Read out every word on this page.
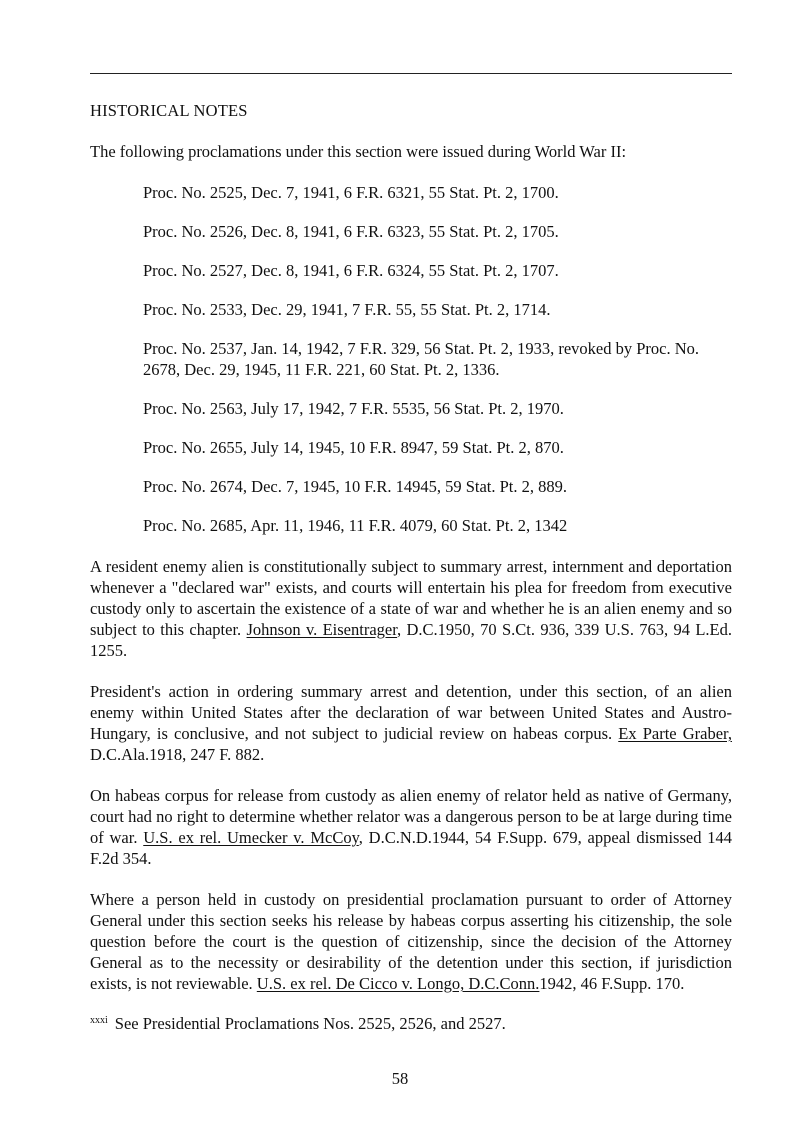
HISTORICAL NOTES

The following proclamations under this section were issued during World War II:

Proc. No. 2525, Dec. 7, 1941, 6 F.R. 6321, 55 Stat. Pt. 2, 1700.
Proc. No. 2526, Dec. 8, 1941, 6 F.R. 6323, 55 Stat. Pt. 2, 1705.
Proc. No. 2527, Dec. 8, 1941, 6 F.R. 6324, 55 Stat. Pt. 2, 1707.
Proc. No. 2533, Dec. 29, 1941, 7 F.R. 55, 55 Stat. Pt. 2, 1714.
Proc. No. 2537, Jan. 14, 1942, 7 F.R. 329, 56 Stat. Pt. 2, 1933, revoked by Proc. No. 2678, Dec. 29, 1945, 11 F.R. 221, 60 Stat. Pt. 2, 1336.
Proc. No. 2563, July 17, 1942, 7 F.R. 5535, 56 Stat. Pt. 2, 1970.
Proc. No. 2655, July 14, 1945, 10 F.R. 8947, 59 Stat. Pt. 2, 870.
Proc. No. 2674, Dec. 7, 1945, 10 F.R. 14945, 59 Stat. Pt. 2, 889.
Proc. No. 2685, Apr. 11, 1946, 11 F.R. 4079, 60 Stat. Pt. 2, 1342

A resident enemy alien is constitutionally subject to summary arrest, internment and deportation whenever a "declared war" exists, and courts will entertain his plea for freedom from executive custody only to ascertain the existence of a state of war and whether he is an alien enemy and so subject to this chapter. Johnson v. Eisentrager, D.C.1950, 70 S.Ct. 936, 339 U.S. 763, 94 L.Ed. 1255.

President's action in ordering summary arrest and detention, under this section, of an alien enemy within United States after the declaration of war between United States and Austro-Hungary, is conclusive, and not subject to judicial review on habeas corpus. Ex Parte Graber, D.C.Ala.1918, 247 F. 882.

On habeas corpus for release from custody as alien enemy of relator held as native of Germany, court had no right to determine whether relator was a dangerous person to be at large during time of war. U.S. ex rel. Umecker v. McCoy, D.C.N.D.1944, 54 F.Supp. 679, appeal dismissed 144 F.2d 354.

Where a person held in custody on presidential proclamation pursuant to order of Attorney General under this section seeks his release by habeas corpus asserting his citizenship, the sole question before the court is the question of citizenship, since the decision of the Attorney General as to the necessity or desirability of the detention under this section, if jurisdiction exists, is not reviewable. U.S. ex rel. De Cicco v. Longo, D.C.Conn.1942, 46 F.Supp. 170.

$^{xxxi}$ See Presidential Proclamations Nos. 2525, 2526, and 2527.

58
